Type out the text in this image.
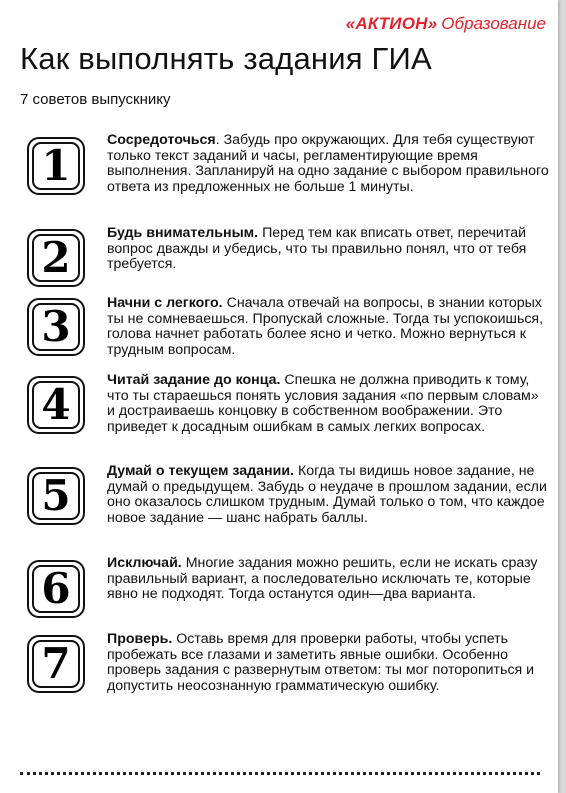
«АКТИОН» Образование
Как выполнять задания ГИА
7 советов выпускнику
1
Сосредоточься. Забудь про окружающих. Для тебя существуют только текст заданий и часы, регламентирующие время выполнения. Запланируй на одно задание с выбором правильного ответа из предложенных не больше 1 минуты.
2	Будь внимательным. Перед тем как вписать ответ, перечитай вопрос дважды и убедись, что ты правильно понял, что от тебя требуется.
3	Начни с легкого. Сначала отвечай на вопросы, в знании которых ты не сомневаешься. Пропускай сложные. Тогда ты успокоишься, голова начнет работать более ясно и четко. Можно вернуться к трудным вопросам.
4	Читай задание до конца. Спешка не должна приводить к тому, что ты стараешься понять условия задания «по первым словам» и достраиваешь концовку в собственном воображении. Это приведет к досадным ошибкам в самых легких вопросах.
5	Думай о текущем задании. Когда ты видишь новое задание, не думай о предыдущем. Забудь о неудаче в прошлом задании, если оно оказалось слишком трудным. Думай только о том, что каждое новое задание — шанс набрать баллы.
6
Исключай. Многие задания можно решить, если не искать сразу правильный вариант, а последовательно исключать те, которые явно не подходят. Тогда останутся один—два варианта.
7	Проверь. Оставь время для проверки работы, чтобы успеть пробежать все глазами и заметить явные ошибки. Особенно проверь задания с развернутым ответом: ты мог поторопиться и допустить неосознанную грамматическую ошибку.
